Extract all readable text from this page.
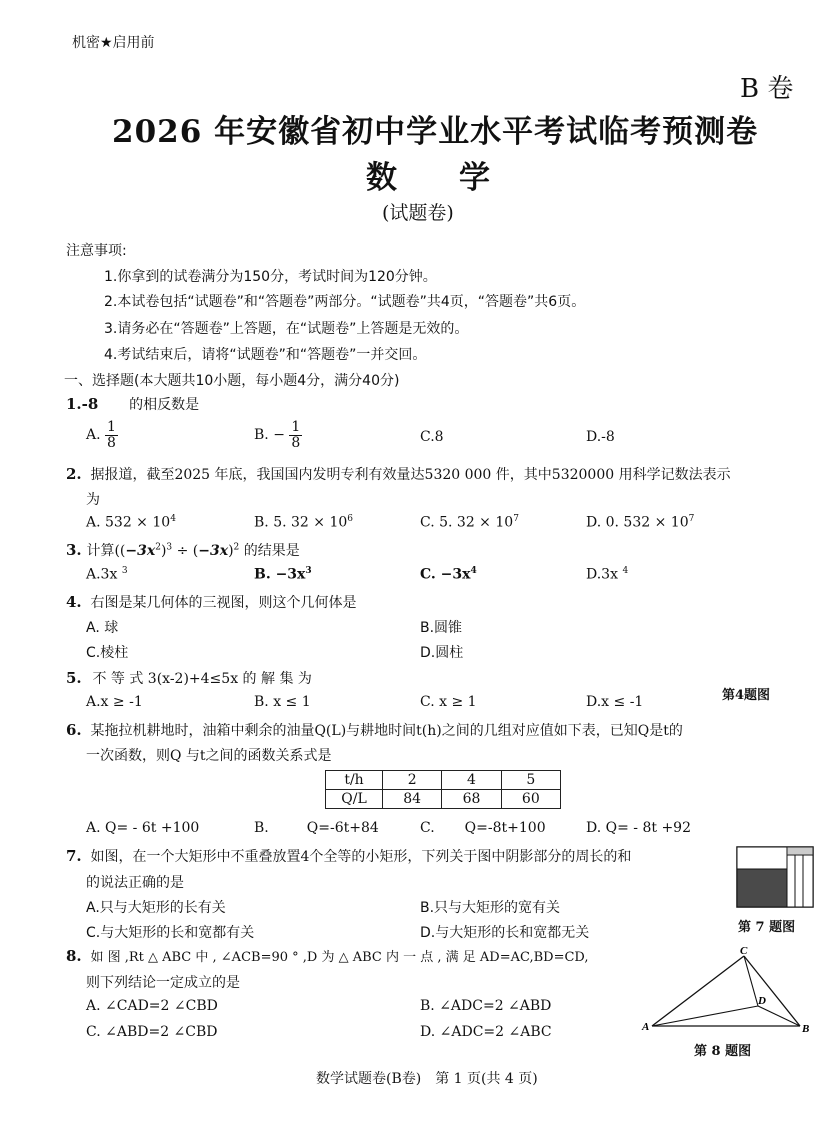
机密★启用前
B 卷
2026 年安徽省初中学业水平考试临考预测卷
数　　学
(试题卷)
注意事项:
1.你拿到的试卷满分为150分，考试时间为120分钟。
2.本试卷包括“试题卷”和“答题卷”两部分。“试题卷”共4页，“答题卷”共6页。
3.请务必在“答题卷”上答题，在“试题卷”上答题是无效的。
4.考试结束后，请将“试题卷”和“答题卷”一并交回。
一、选择题(本大题共10小题，每小题4分，满分40分)
1.-8 的相反数是
A. $\frac{1}{8}$	B. − $\frac{1}{8}$	C.8	D.-8
2. 据报道，截至2025 年底，我国国内发明专利有效量达5320 000 件，其中5320000 用科学记数法表示
为
A. $532 \times 10^4$	B. 5. $32 \times 10^6$	C. 5. $32 \times 10^7$	D. 0. $532 \times 10^7$
3. 计算($(-3x^2)^3 \div (-3x)^2$ 的结果是
A.3x $^3$	B. $-3x^3$	C. $-3x^4$	D.3x $^4$
4. 右图是某几何体的三视图，则这个几何体是
A. 球	B.圆锥
C.棱柱	D.圆柱
第4题图
5. 不 等 式 3(x-2)+4≤5x 的 解 集 为
A.x ≥ -1	B. x ≤ 1	C. x ≥ 1	D.x ≤ -1
6. 某拖拉机耕地时，油箱中剩余的油量Q(L)与耕地时间t(h)之间的几组对应值如下表，已知Q是t的
一次函数，则Q 与t之间的函数关系式是
t/h	2	4	5
Q/L	84	68	60
A. Q= - 6t +100	B.	Q=-6t+84	C. Q=-8t+100	D. Q= - 8t +92
7. 如图，在一个大矩形中不重叠放置4个全等的小矩形，下列关于图中阴影部分的周长的和
的说法正确的是
A.只与大矩形的长有关	B.只与大矩形的宽有关
C.与大矩形的长和宽都有关	D.与大矩形的长和宽都无关	第 7 题图
8. 如 图 ,Rt △ ABC 中 , ∠ACB=90 ° ,D 为 △ ABC 内 一 点 , 满 足 AD=AC,BD=CD,
则下列结论一定成立的是
A. ∠CAD=2 ∠CBD	B. ∠ADC=2 ∠ABD
C. ∠ABD=2 ∠CBD	D. ∠ADC=2 ∠ABC
C
A	B
D
第 8 题图
数学试题卷(B卷)　第 1 页(共 4 页)
